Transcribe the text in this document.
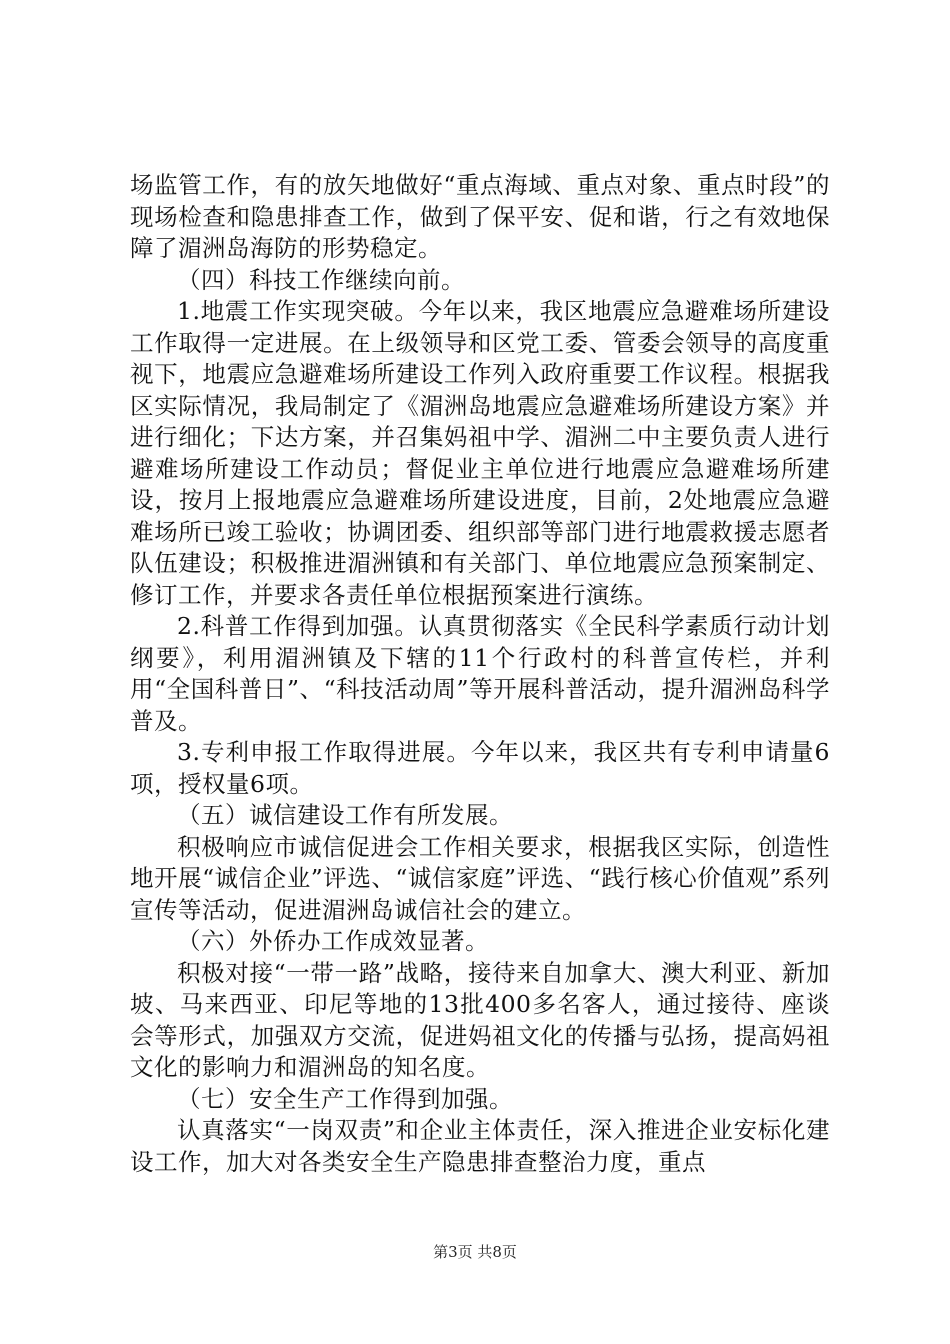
场监管工作，有的放矢地做好“重点海域、重点对象、重点时段”的现场检查和隐患排查工作，做到了保平安、促和谐，行之有效地保障了湄洲岛海防的形势稳定。

（四）科技工作继续向前。

1.地震工作实现突破。今年以来，我区地震应急避难场所建设工作取得一定进展。在上级领导和区党工委、管委会领导的高度重视下，地震应急避难场所建设工作列入政府重要工作议程。根据我区实际情况，我局制定了《湄洲岛地震应急避难场所建设方案》并进行细化；下达方案，并召集妈祖中学、湄洲二中主要负责人进行避难场所建设工作动员；督促业主单位进行地震应急避难场所建设，按月上报地震应急避难场所建设进度，目前，2处地震应急避难场所已竣工验收；协调团委、组织部等部门进行地震救援志愿者队伍建设；积极推进湄洲镇和有关部门、单位地震应急预案制定、修订工作，并要求各责任单位根据预案进行演练。

2.科普工作得到加强。认真贯彻落实《全民科学素质行动计划纲要》，利用湄洲镇及下辖的11个行政村的科普宣传栏，并利用“全国科普日”、“科技活动周”等开展科普活动，提升湄洲岛科学普及。

3.专利申报工作取得进展。今年以来，我区共有专利申请量6项，授权量6项。

（五）诚信建设工作有所发展。

积极响应市诚信促进会工作相关要求，根据我区实际，创造性地开展“诚信企业”评选、“诚信家庭”评选、“践行核心价值观”系列宣传等活动，促进湄洲岛诚信社会的建立。

（六）外侨办工作成效显著。

积极对接“一带一路”战略，接待来自加拿大、澳大利亚、新加坡、马来西亚、印尼等地的13批400多名客人，通过接待、座谈会等形式，加强双方交流，促进妈祖文化的传播与弘扬，提高妈祖文化的影响力和湄洲岛的知名度。

（七）安全生产工作得到加强。

认真落实“一岗双责”和企业主体责任，深入推进企业安标化建设工作，加大对各类安全生产隐患排查整治力度，重点

第3页 共8页
